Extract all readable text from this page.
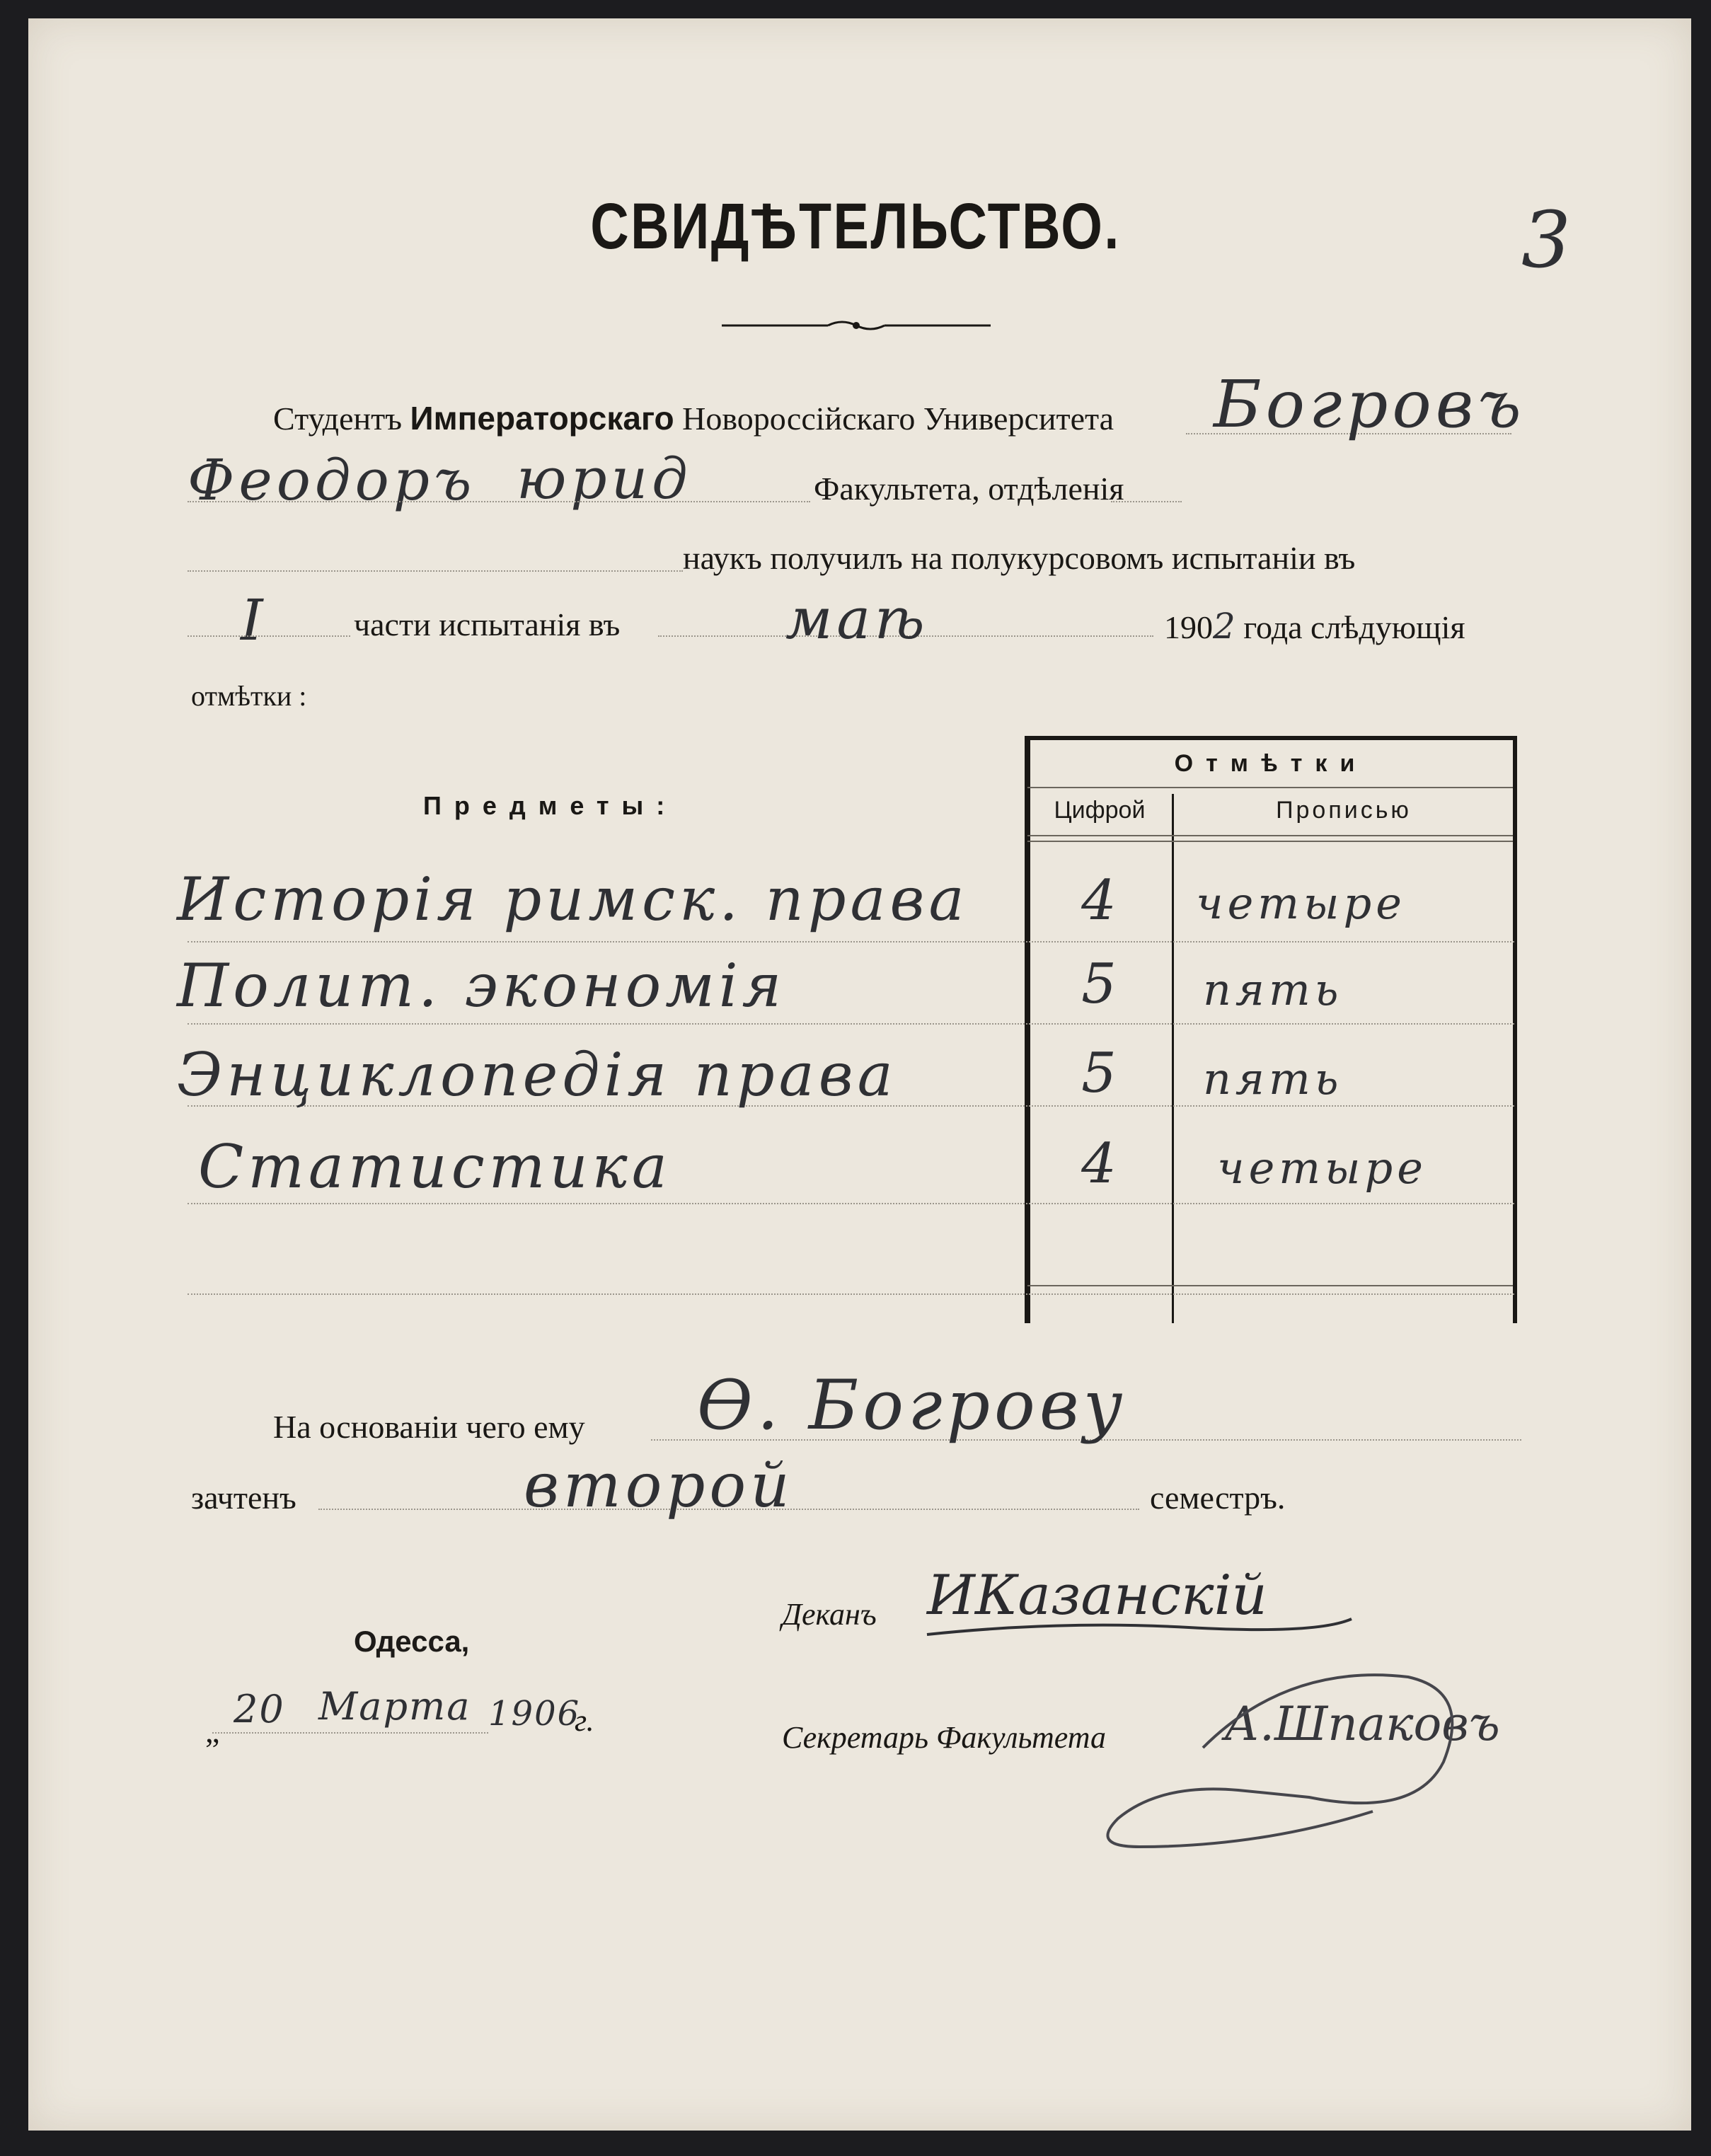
СВИДѢТЕЛЬСТВО.	3
Студентъ Императорскаго Новороссійскаго Университета Богровъ
Феодоръ юрид	Факультета, отдѣленія
наукъ получилъ на полукурсовомъ испытаніи въ
I	части испытанія въ	маѣ	1902 года слѣдующія
отмѣтки :
Предметы:
Отмѣтки
Цифрой	Прописью
Исторія римск. права	4	четыре
Полит. экономія	5	пять
Энциклопедія права	5	пять
Статистика	4	четыре
На основаніи чего ему Ѳ. Богрову
зачтенъ	второй	семестръ.
Одесса,
„ 20 Марта 1906
г.
Деканъ ИКазанскій
Секретарь Факультета	А.Шпаковъ
